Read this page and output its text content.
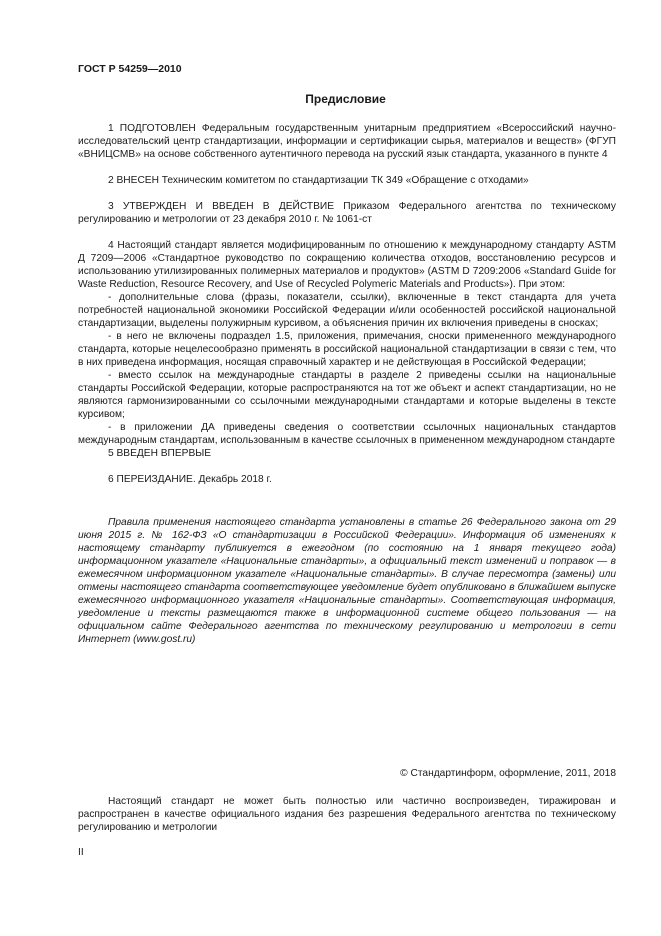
ГОСТ Р 54259—2010
Предисловие

1 ПОДГОТОВЛЕН Федеральным государственным унитарным предприятием «Всероссийский научно-исследовательский центр стандартизации, информации и сертификации сырья, материалов и веществ» (ФГУП «ВНИЦСМВ» на основе собственного аутентичного перевода на русский язык стандарта, указанного в пункте 4

2 ВНЕСЕН Техническим комитетом по стандартизации ТК 349 «Обращение с отходами»

3 УТВЕРЖДЕН И ВВЕДЕН В ДЕЙСТВИЕ Приказом Федерального агентства по техническому регулированию и метрологии от 23 декабря 2010 г. № 1061-ст

4 Настоящий стандарт является модифицированным по отношению к международному стандарту ASTM Д 7209—2006 «Стандартное руководство по сокращению количества отходов, восстановлению ресурсов и использованию утилизированных полимерных материалов и продуктов» (ASTM D 7209:2006 «Standard Guide for Waste Reduction, Resource Recovery, and Use of Recycled Polymeric Materials and Products»). При этом:

- дополнительные слова (фразы, показатели, ссылки), включенные в текст стандарта для учета потребностей национальной экономики Российской Федерации и/или особенностей российской национальной стандартизации, выделены полужирным курсивом, а объяснения причин их включения приведены в сносках;
- в него не включены подраздел 1.5, приложения, примечания, сноски примененного международного стандарта, которые нецелесообразно применять в российской национальной стандартизации в связи с тем, что в них приведена информация, носящая справочный характер и не действующая в Российской Федерации;
- вместо ссылок на международные стандарты в разделе 2 приведены ссылки на национальные стандарты Российской Федерации, которые распространяются на тот же объект и аспект стандартизации, но не являются гармонизированными со ссылочными международными стандартами и которые выделены в тексте курсивом;
- в приложении ДА приведены сведения о соответствии ссылочных национальных стандартов международным стандартам, использованным в качестве ссылочных в примененном международном стандарте

5 ВВЕДЕН ВПЕРВЫЕ

6 ПЕРЕИЗДАНИЕ. Декабрь 2018 г.

Правила применения настоящего стандарта установлены в статье 26 Федерального закона от 29 июня 2015 г. № 162-ФЗ «О стандартизации в Российской Федерации». Информация об изменениях к настоящему стандарту публикуется в ежегодном (по состоянию на 1 января текущего года) информационном указателе «Национальные стандарты», а официальный текст изменений и поправок — в ежемесячном информационном указателе «Национальные стандарты». В случае пересмотра (замены) или отмены настоящего стандарта соответствующее уведомление будет опубликовано в ближайшем выпуске ежемесячного информационного указателя «Национальные стандарты». Соответствующая информация, уведомление и тексты размещаются также в информационной системе общего пользования — на официальном сайте Федерального агентства по техническому регулированию и метрологии в сети Интернет (www.gost.ru)

© Стандартинформ, оформление, 2011, 2018

Настоящий стандарт не может быть полностью или частично воспроизведен, тиражирован и распространен в качестве официального издания без разрешения Федерального агентства по техническому регулированию и метрологии

II
